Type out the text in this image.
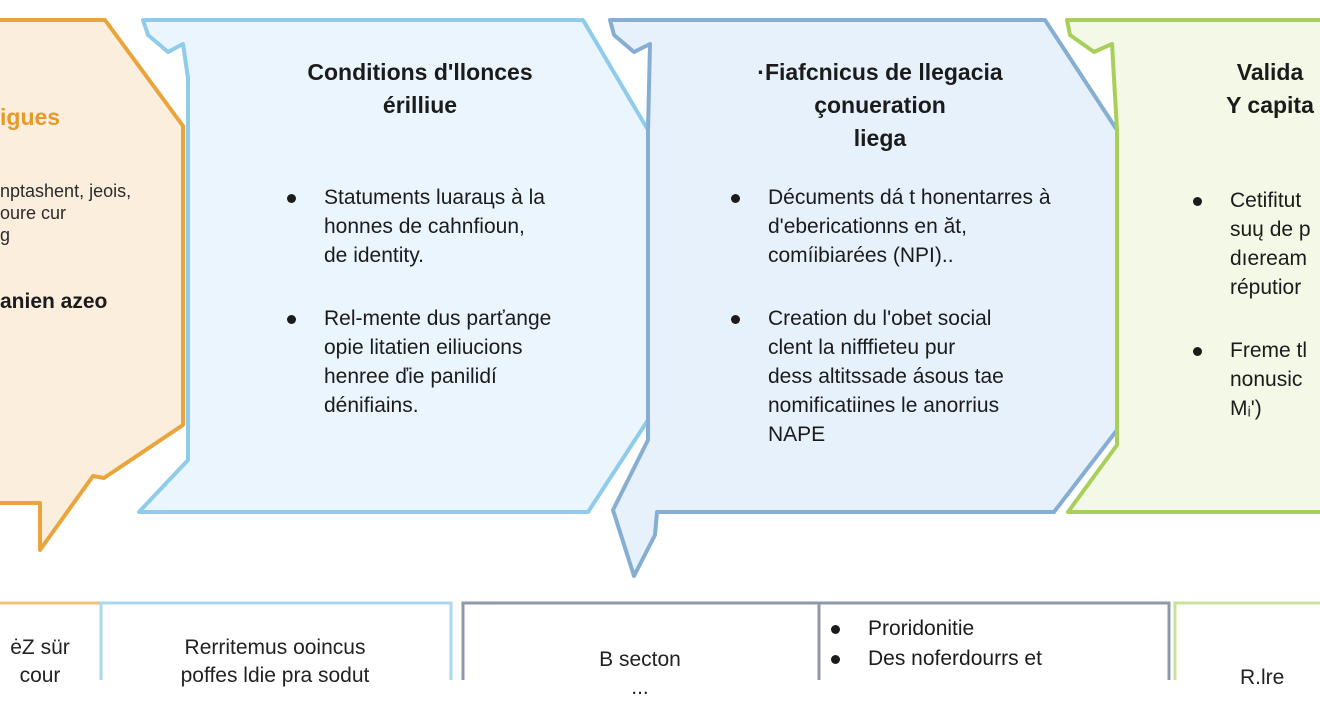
igues
nptashent, jeois,
oure cur
g
anien azeo
Conditions d'llonces
érilliue
Statuments luarацs à la
honnes de cahnfioun,
de identity.
Rel-mente dus parťange
opie litatien eiliucions
henree ďie panilidí
dénifiains.
·Fiafcnicus de llegacia
çonueration
liega
Décuments dá t honentarres à
d'ebericationns en ăt,
comíibiarées (NPI)..
Creation du l'obet social
clent la nifffieteu pur
dess altitssade ásous tae
nomificatiines le anorrius
NAPE
Valida
Y capita
Cetifitut
suų de p
dıeream
réputior
Freme tl
nonusic
Mᵢ')
ėZ sür
cour
Rerritemus ooincus
poffes ldie pra sodut
B secton
...
Proridonitie
Des noferdourrs et
R.lre
